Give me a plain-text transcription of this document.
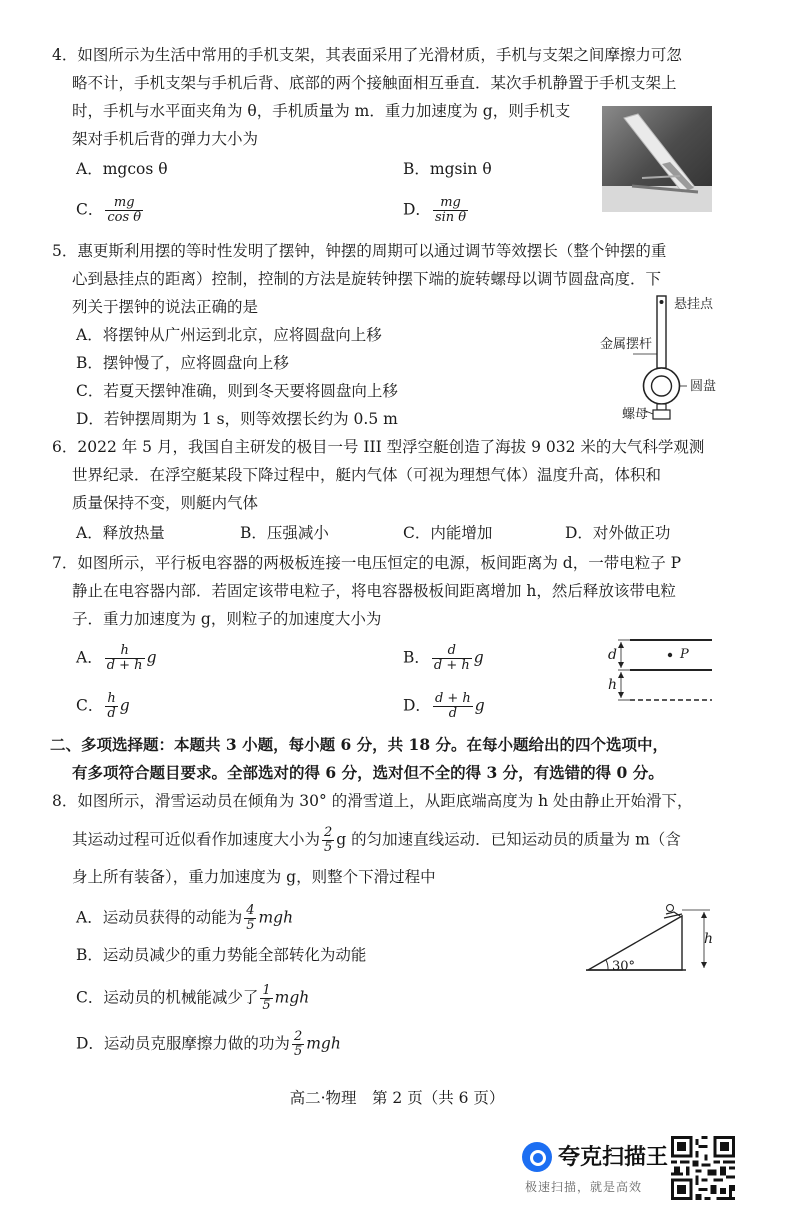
4．如图所示为生活中常用的手机支架，其表面采用了光滑材质，手机与支架之间摩擦力可忽
略不计，手机支架与手机后背、底部的两个接触面相互垂直．某次手机静置于手机支架上
时，手机与水平面夹角为 θ，手机质量为 m．重力加速度为 g，则手机支
架对手机后背的弹力大小为
A．mgcos θ	B．mgsin θ
C． $\frac{mg}{\text{cos θ}}$	D． $\frac{mg}{\text{sin θ}}$
5．惠更斯利用摆的等时性发明了摆钟，钟摆的周期可以通过调节等效摆长（整个钟摆的重
心到悬挂点的距离）控制，控制的方法是旋转钟摆下端的旋转螺母以调节圆盘高度．下
列关于摆钟的说法正确的是
A．将摆钟从广州运到北京，应将圆盘向上移
B．摆钟慢了，应将圆盘向上移
C．若夏天摆钟准确，则到冬天要将圆盘向上移
D．若钟摆周期为 1 s，则等效摆长约为 0.5 m
悬挂点
金属摆杆
圆盘
螺母
6．2022 年 5 月，我国自主研发的极目一号 III 型浮空艇创造了海拔 9 032 米的大气科学观测
世界纪录．在浮空艇某段下降过程中，艇内气体（可视为理想气体）温度升高，体积和
质量保持不变，则艇内气体
A．释放热量	B．压强减小	C．内能增加	D．对外做正功
7．如图所示，平行板电容器的两极板连接一电压恒定的电源，板间距离为 d，一带电粒子 P
静止在电容器内部．若固定该带电粒子，将电容器极板间距离增加 h，然后释放该带电粒
子．重力加速度为 g，则粒子的加速度大小为
A． $\frac{h}{d + h}$ g	B． $\frac{d}{d + h}$ g
C． $\frac{h}{d}$ g	D． $\frac{d + h}{d}$ g
d
h
P
二、多项选择题：本题共 3 小题，每小题 6 分，共 18 分。在每小题给出的四个选项中，
有多项符合题目要求。全部选对的得 6 分，选对但不全的得 3 分，有选错的得 0 分。
8．如图所示，滑雪运动员在倾角为 30° 的滑雪道上，从距底端高度为 h 处由静止开始滑下，
其运动过程可近似看作加速度大小为 $\frac{2}{5}$ g 的匀加速直线运动．已知运动员的质量为 m（含
身上所有装备），重力加速度为 g，则整个下滑过程中
A．运动员获得的动能为 $\frac{4}{5}$ mgh
B．运动员减少的重力势能全部转化为动能
C．运动员的机械能减少了 $\frac{1}{5}$ mgh
D．运动员克服摩擦力做的功为 $\frac{2}{5}$ mgh
30°
h
高二·物理　第 2 页（共 6 页）
夸克扫描王
极速扫描，就是高效
